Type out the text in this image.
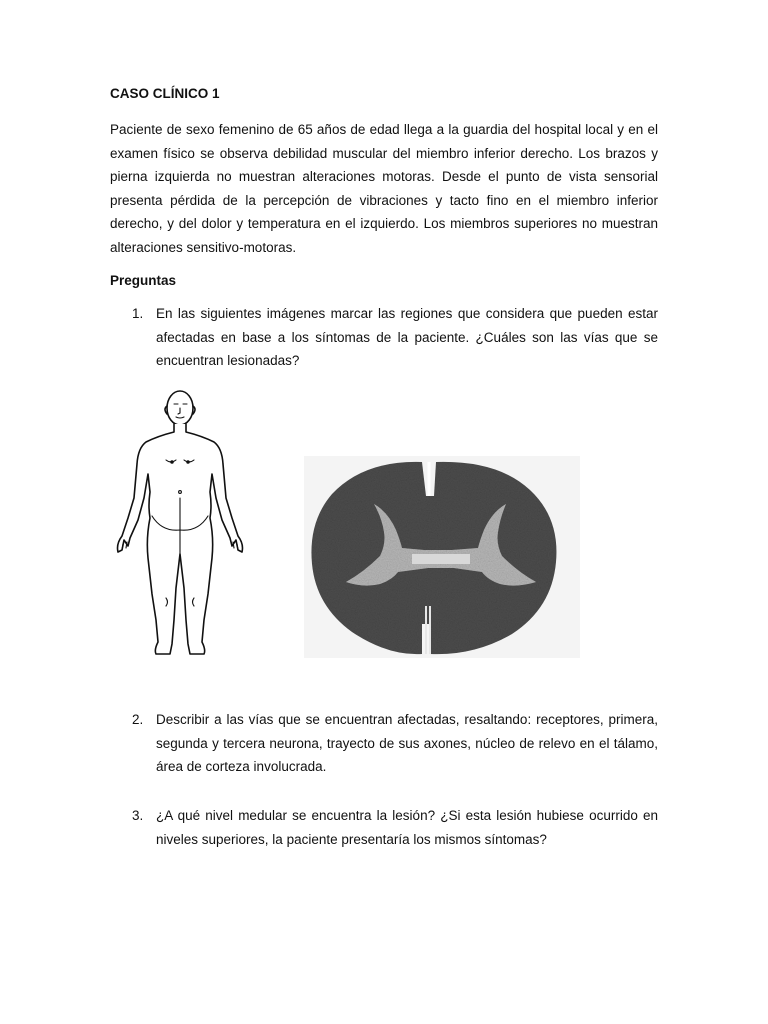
CASO CLÍNICO 1

Paciente de sexo femenino de 65 años de edad llega a la guardia del hospital local y en el examen físico se observa debilidad muscular del miembro inferior derecho. Los brazos y pierna izquierda no muestran alteraciones motoras. Desde el punto de vista sensorial presenta pérdida de la percepción de vibraciones y tacto fino en el miembro inferior derecho, y del dolor y temperatura en el izquierdo. Los miembros superiores no muestran alteraciones sensitivo-motoras.

Preguntas
1. En las siguientes imágenes marcar las regiones que considera que pueden estar afectadas en base a los síntomas de la paciente. ¿Cuáles son las vías que se encuentran lesionadas?
2. Describir a las vías que se encuentran afectadas, resaltando: receptores, primera, segunda y tercera neurona, trayecto de sus axones, núcleo de relevo en el tálamo, área de corteza involucrada.
3. ¿A qué nivel medular se encuentra la lesión? ¿Si esta lesión hubiese ocurrido en niveles superiores, la paciente presentaría los mismos síntomas?
